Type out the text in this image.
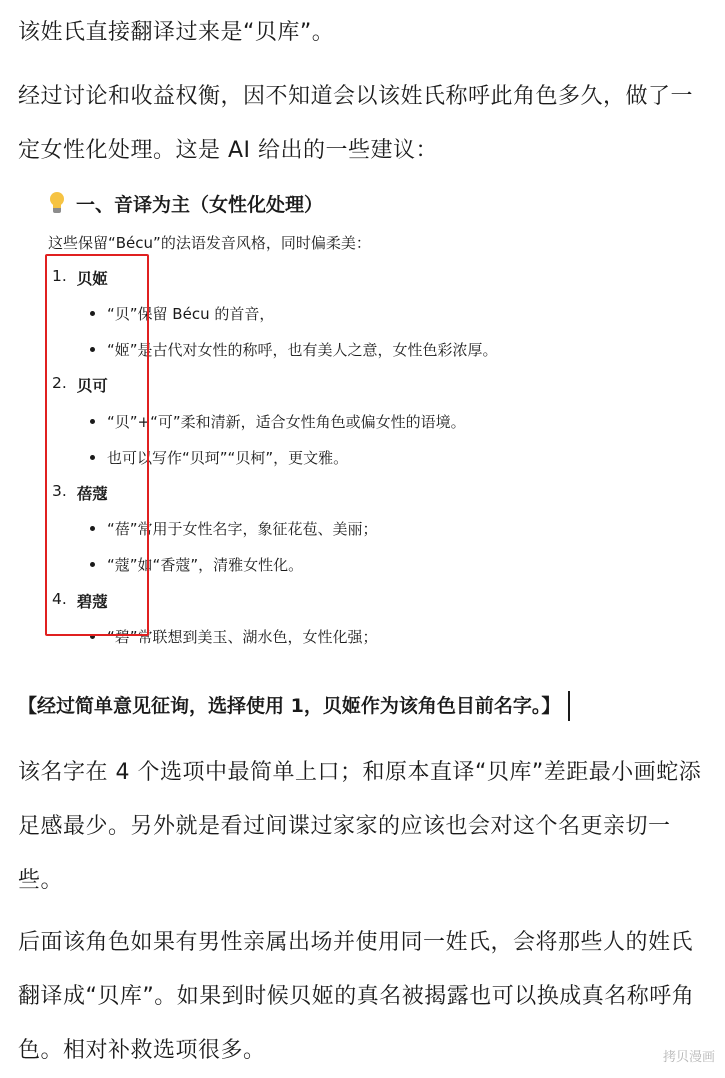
该姓氏直接翻译过来是“贝库”。

经过讨论和收益权衡，因不知道会以该姓氏称呼此角色多久，做了一定女性化处理。这是 AI 给出的一些建议：

一、音译为主（女性化处理）
这些保留“Bécu”的法语发音风格，同时偏柔美：
1. 贝姬
“贝”保留 Bécu 的首音，
“姬”是古代对女性的称呼，也有美人之意，女性色彩浓厚。
2. 贝可
“贝”+“可”柔和清新，适合女性角色或偏女性的语境。
也可以写作“贝珂”“贝柯”，更文雅。
3. 蓓蔻
“蓓”常用于女性名字，象征花苞、美丽；
“蔻”如“香蔻”，清雅女性化。
4. 碧蔻
“碧”常联想到美玉、湖水色，女性化强；
【经过简单意见征询，选择使用 1，贝姬作为该角色目前名字。】

该名字在 4 个选项中最简单上口；和原本直译“贝库”差距最小画蛇添足感最少。另外就是看过间谍过家家的应该也会对这个名更亲切一些。

后面该角色如果有男性亲属出场并使用同一姓氏，会将那些人的姓氏翻译成“贝库”。如果到时候贝姬的真名被揭露也可以换成真名称呼角色。相对补救选项很多。	拷贝漫画
